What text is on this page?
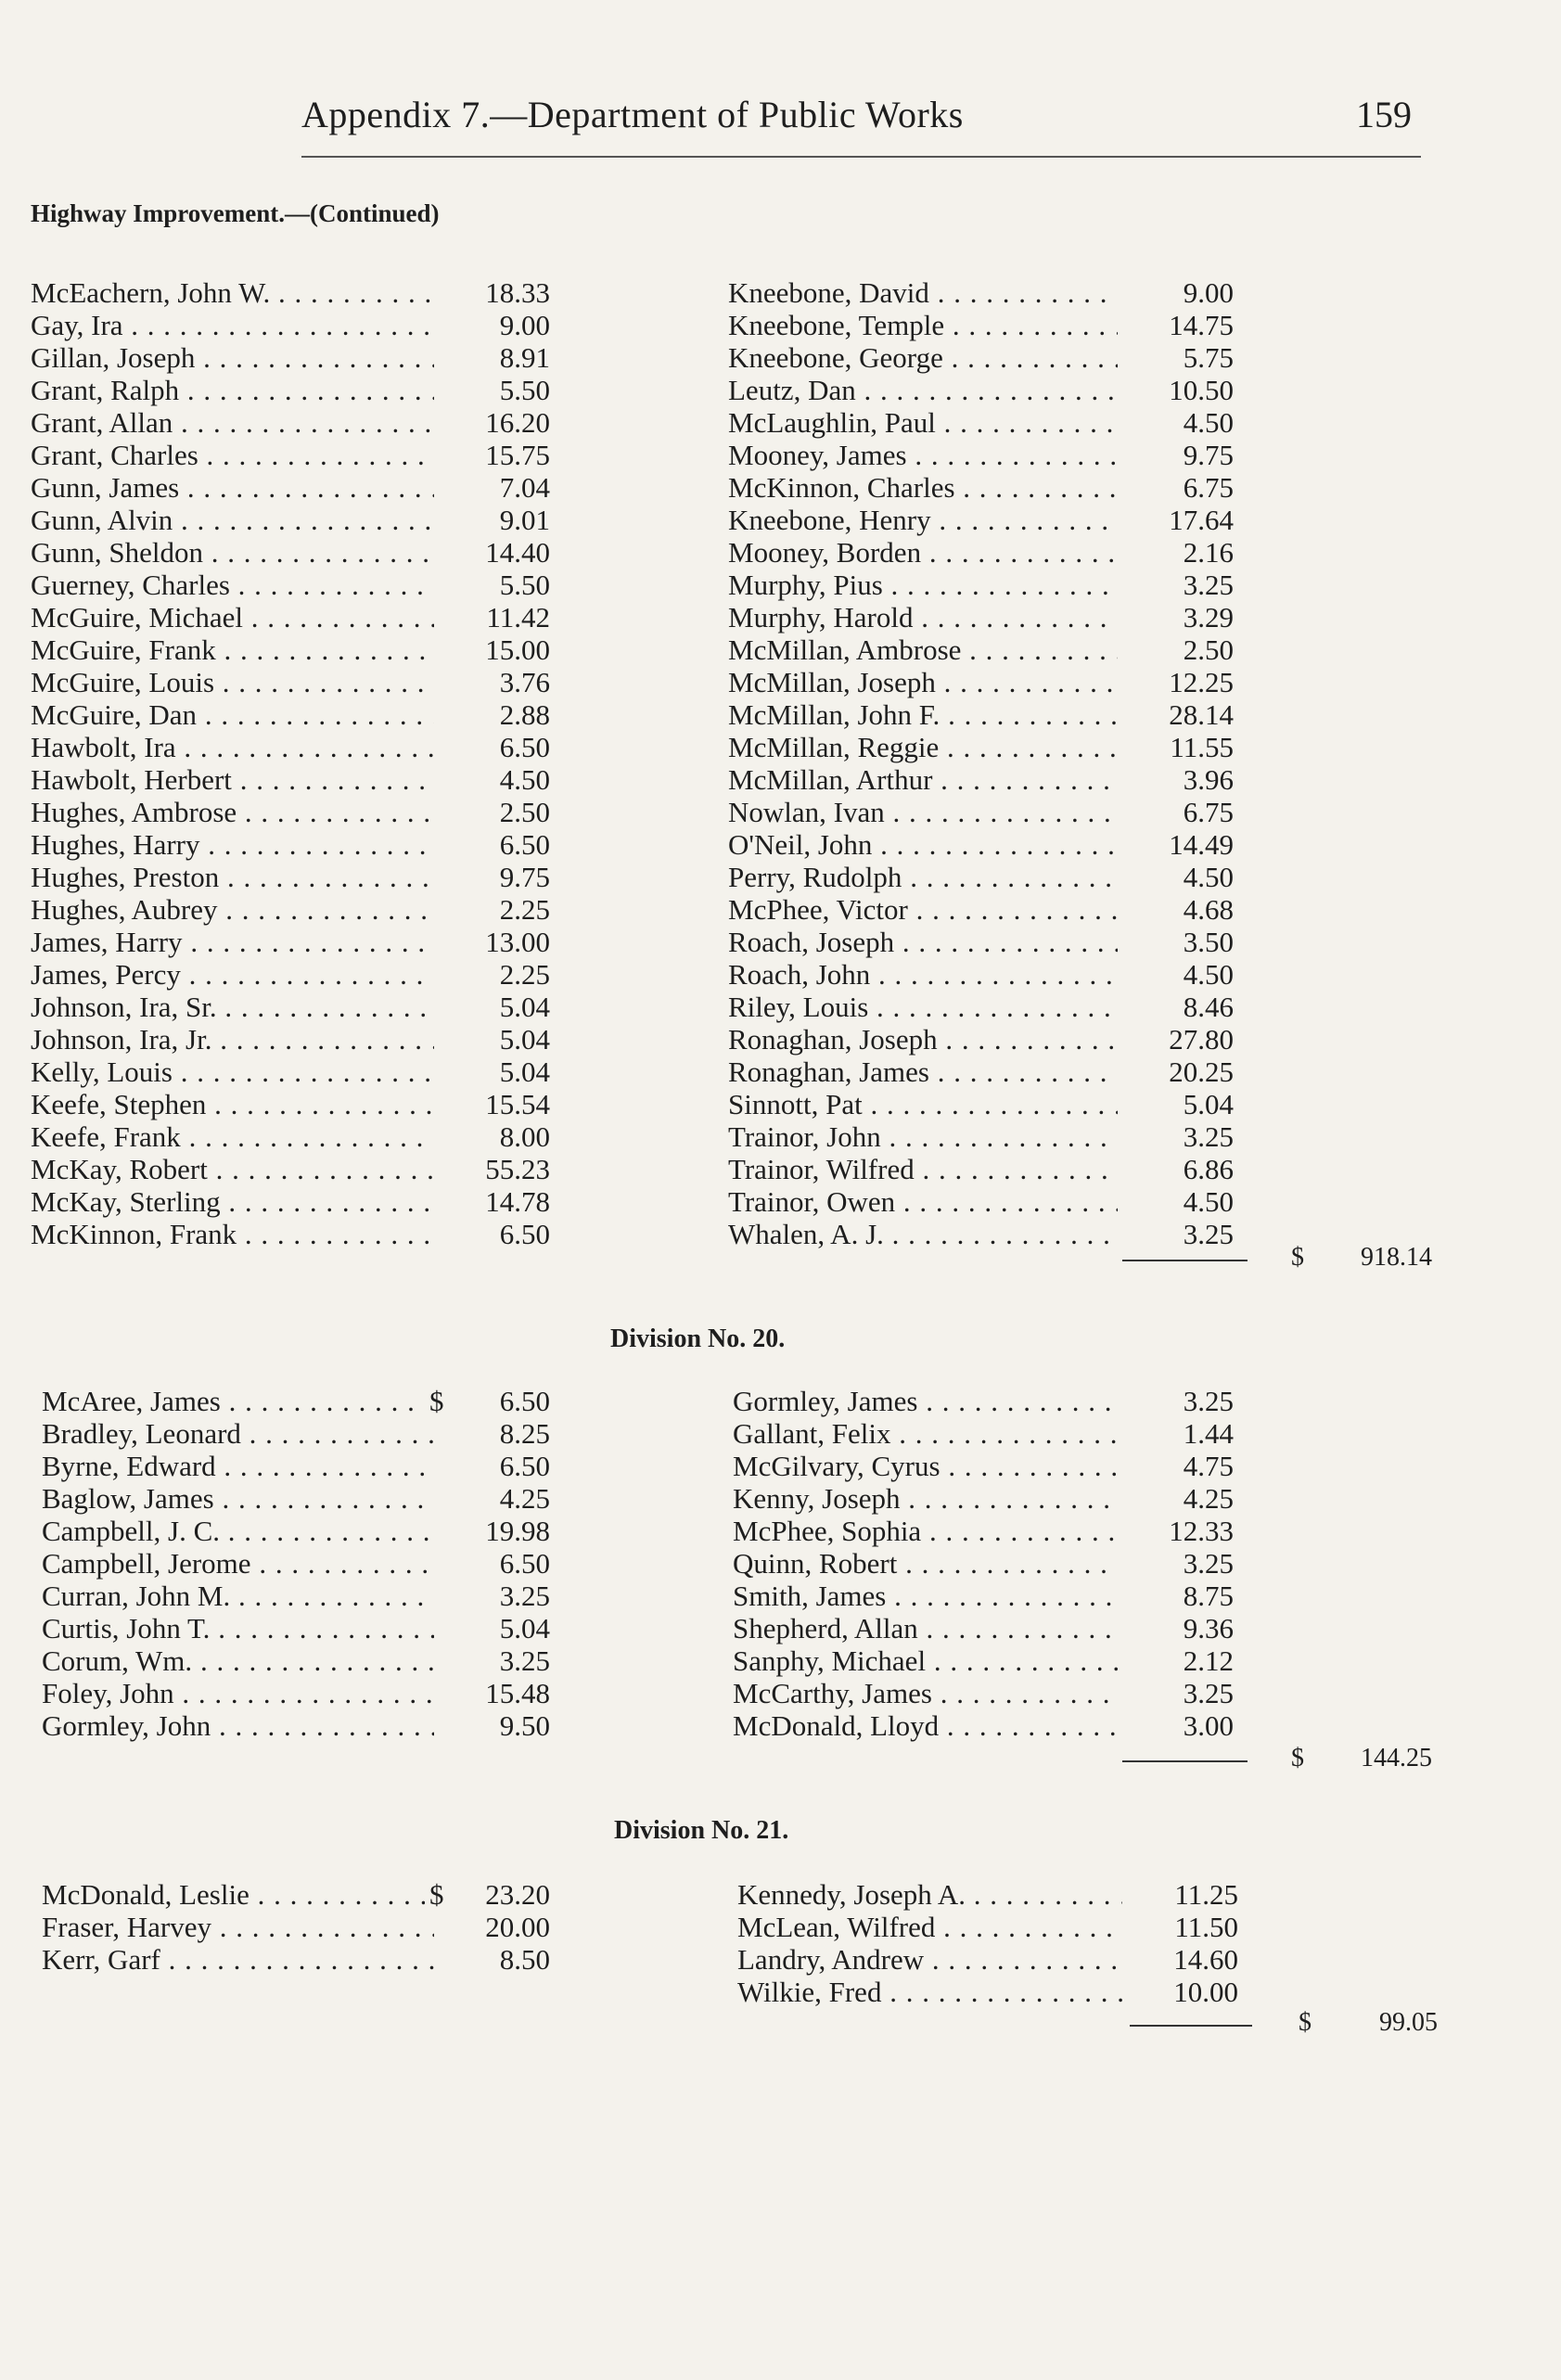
Appendix 7.—Department of Public Works	159
Highway Improvement.—(Continued)
McEachern, John W. . . .	18.33
Gay, Ira . . .	9.00
Gillan, Joseph . . .	8.91
Grant, Ralph . . .	5.50
Grant, Allan . . .	16.20
Grant, Charles . . .	15.75
Gunn, James . . .	7.04
Gunn, Alvin . . .	9.01
Gunn, Sheldon . . .	14.40
Guerney, Charles . . .	5.50
McGuire, Michael . . .	11.42
McGuire, Frank . . .	15.00
McGuire, Louis . . .	3.76
McGuire, Dan . . .	2.88
Hawbolt, Ira . . .	6.50
Hawbolt, Herbert . . .	4.50
Hughes, Ambrose . . .	2.50
Hughes, Harry . . .	6.50
Hughes, Preston . . .	9.75
Hughes, Aubrey . . .	2.25
James, Harry . . .	13.00
James, Percy . . .	2.25
Johnson, Ira, Sr. . . .	5.04
Johnson, Ira, Jr. . . .	5.04
Kelly, Louis . . .	5.04
Keefe, Stephen . . .	15.54
Keefe, Frank . . .	8.00
McKay, Robert . . .	55.23
McKay, Sterling . . .	14.78
McKinnon, Frank . . .	6.50
Kneebone, David . . .	9.00
Kneebone, Temple . . .	14.75
Kneebone, George . . .	5.75
Leutz, Dan . . .	10.50
McLaughlin, Paul . . .	4.50
Mooney, James . . .	9.75
McKinnon, Charles . . .	6.75
Kneebone, Henry . . .	17.64
Mooney, Borden . . .	2.16
Murphy, Pius . . .	3.25
Murphy, Harold . . .	3.29
McMillan, Ambrose . . .	2.50
McMillan, Joseph . . .	12.25
McMillan, John F. . . .	28.14
McMillan, Reggie . . .	11.55
McMillan, Arthur . . .	3.96
Nowlan, Ivan . . .	6.75
O'Neil, John . . .	14.49
Perry, Rudolph . . .	4.50
McPhee, Victor . . .	4.68
Roach, Joseph . . .	3.50
Roach, John . . .	4.50
Riley, Louis . . .	8.46
Ronaghan, Joseph . . .	27.80
Ronaghan, James . . .	20.25
Sinnott, Pat . . .	5.04
Trainor, John . . .	3.25
Trainor, Wilfred . . .	6.86
Trainor, Owen . . .	4.50
Whalen, A. J. . . .	3.25
$ 918.14
Division No. 20.
McAree, James . . .	$ 6.50
Bradley, Leonard . . .	8.25
Byrne, Edward . . .	6.50
Baglow, James . . .	4.25
Campbell, J. C. . . .	19.98
Campbell, Jerome . . .	6.50
Curran, John M. . . .	3.25
Curtis, John T. . . .	5.04
Corum, Wm. . . .	3.25
Foley, John . . .	15.48
Gormley, John . . .	9.50
Gormley, James . . .	3.25
Gallant, Felix . . .	1.44
McGilvary, Cyrus . . .	4.75
Kenny, Joseph . . .	4.25
McPhee, Sophia . . .	12.33
Quinn, Robert . . .	3.25
Smith, James . . .	8.75
Shepherd, Allan . . .	9.36
Sanphy, Michael . . .	2.12
McCarthy, James . . .	3.25
McDonald, Lloyd . . .	3.00
$ 144.25
Division No. 21.
McDonald, Leslie . . .	$ 23.20
Fraser, Harvey . . .	20.00
Kerr, Garf . . .	8.50
Kennedy, Joseph A. . . .	11.25
McLean, Wilfred . . .	11.50
Landry, Andrew . . .	14.60
Wilkie, Fred . . .	10.00
$	99.05
